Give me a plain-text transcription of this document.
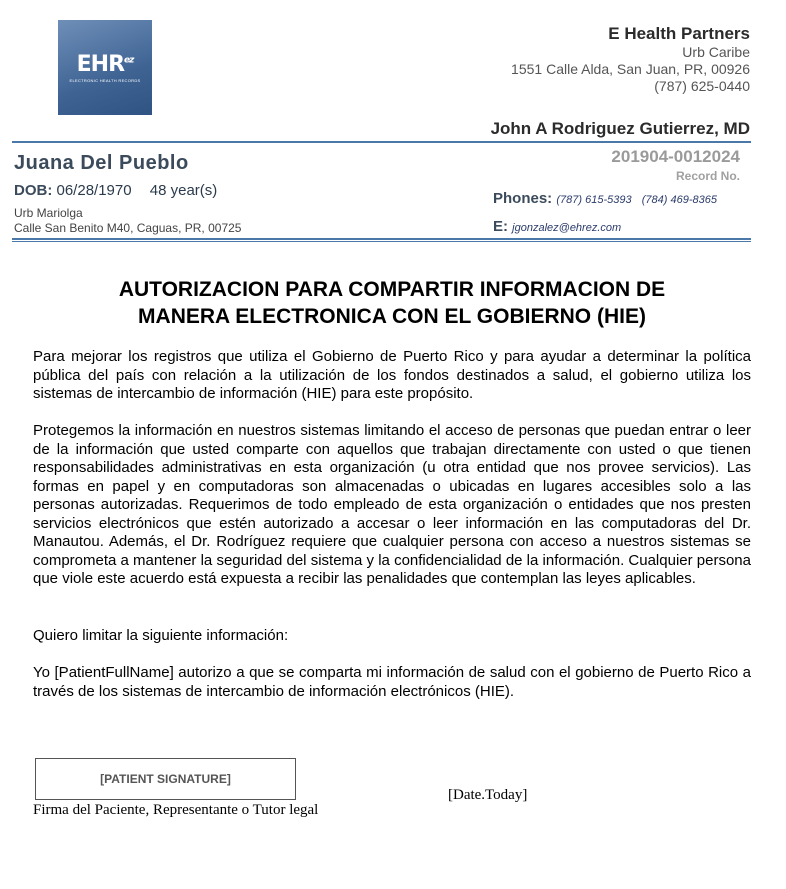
$EHR^{ez}$
ELECTRONIC HEALTH RECORDS
E Health Partners
Urb Caribe
1551 Calle Alda, San Juan, PR, 00926
(787) 625-0440
John A Rodriguez Gutierrez, MD
Juana Del Pueblo
DOB: 06/28/1970 48 year(s)
Urb Mariolga
Calle San Benito M40, Caguas, PR, 00725
201904-0012024
Record No.
Phones: (787) 615-5393 (784) 469-8365
E: jgonzalez@ehrez.com
AUTORIZACION PARA COMPARTIR INFORMACION DE
MANERA ELECTRONICA CON EL GOBIERNO (HIE)
Para mejorar los registros que utiliza el Gobierno de Puerto Rico y para ayudar a determinar la política pública del país con relación a la utilización de los fondos destinados a salud, el gobierno utiliza los sistemas de intercambio de información (HIE) para este propósito.
Protegemos la información en nuestros sistemas limitando el acceso de personas que puedan entrar o leer de la información que usted comparte con aquellos que trabajan directamente con usted o que tienen responsabilidades administrativas en esta organización (u otra entidad que nos provee servicios). Las formas en papel y en computadoras son almacenadas o ubicadas en lugares accesibles solo a las personas autorizadas. Requerimos de todo empleado de esta organización o entidades que nos presten servicios electrónicos que estén autorizado a accesar o leer información en las computadoras del Dr. Manautou. Además, el Dr. Rodríguez requiere que cualquier persona con acceso a nuestros sistemas se comprometa a mantener la seguridad del sistema y la confidencialidad de la información. Cualquier persona que viole este acuerdo está expuesta a recibir las penalidades que contemplan las leyes aplicables.
Quiero limitar la siguiente información:
Yo [PatientFullName] autorizo a que se comparta mi información de salud con el gobierno de Puerto Rico a través de los sistemas de intercambio de información electrónicos (HIE).
[PATIENT SIGNATURE]
Firma del Paciente, Representante o Tutor legal
[Date.Today]
